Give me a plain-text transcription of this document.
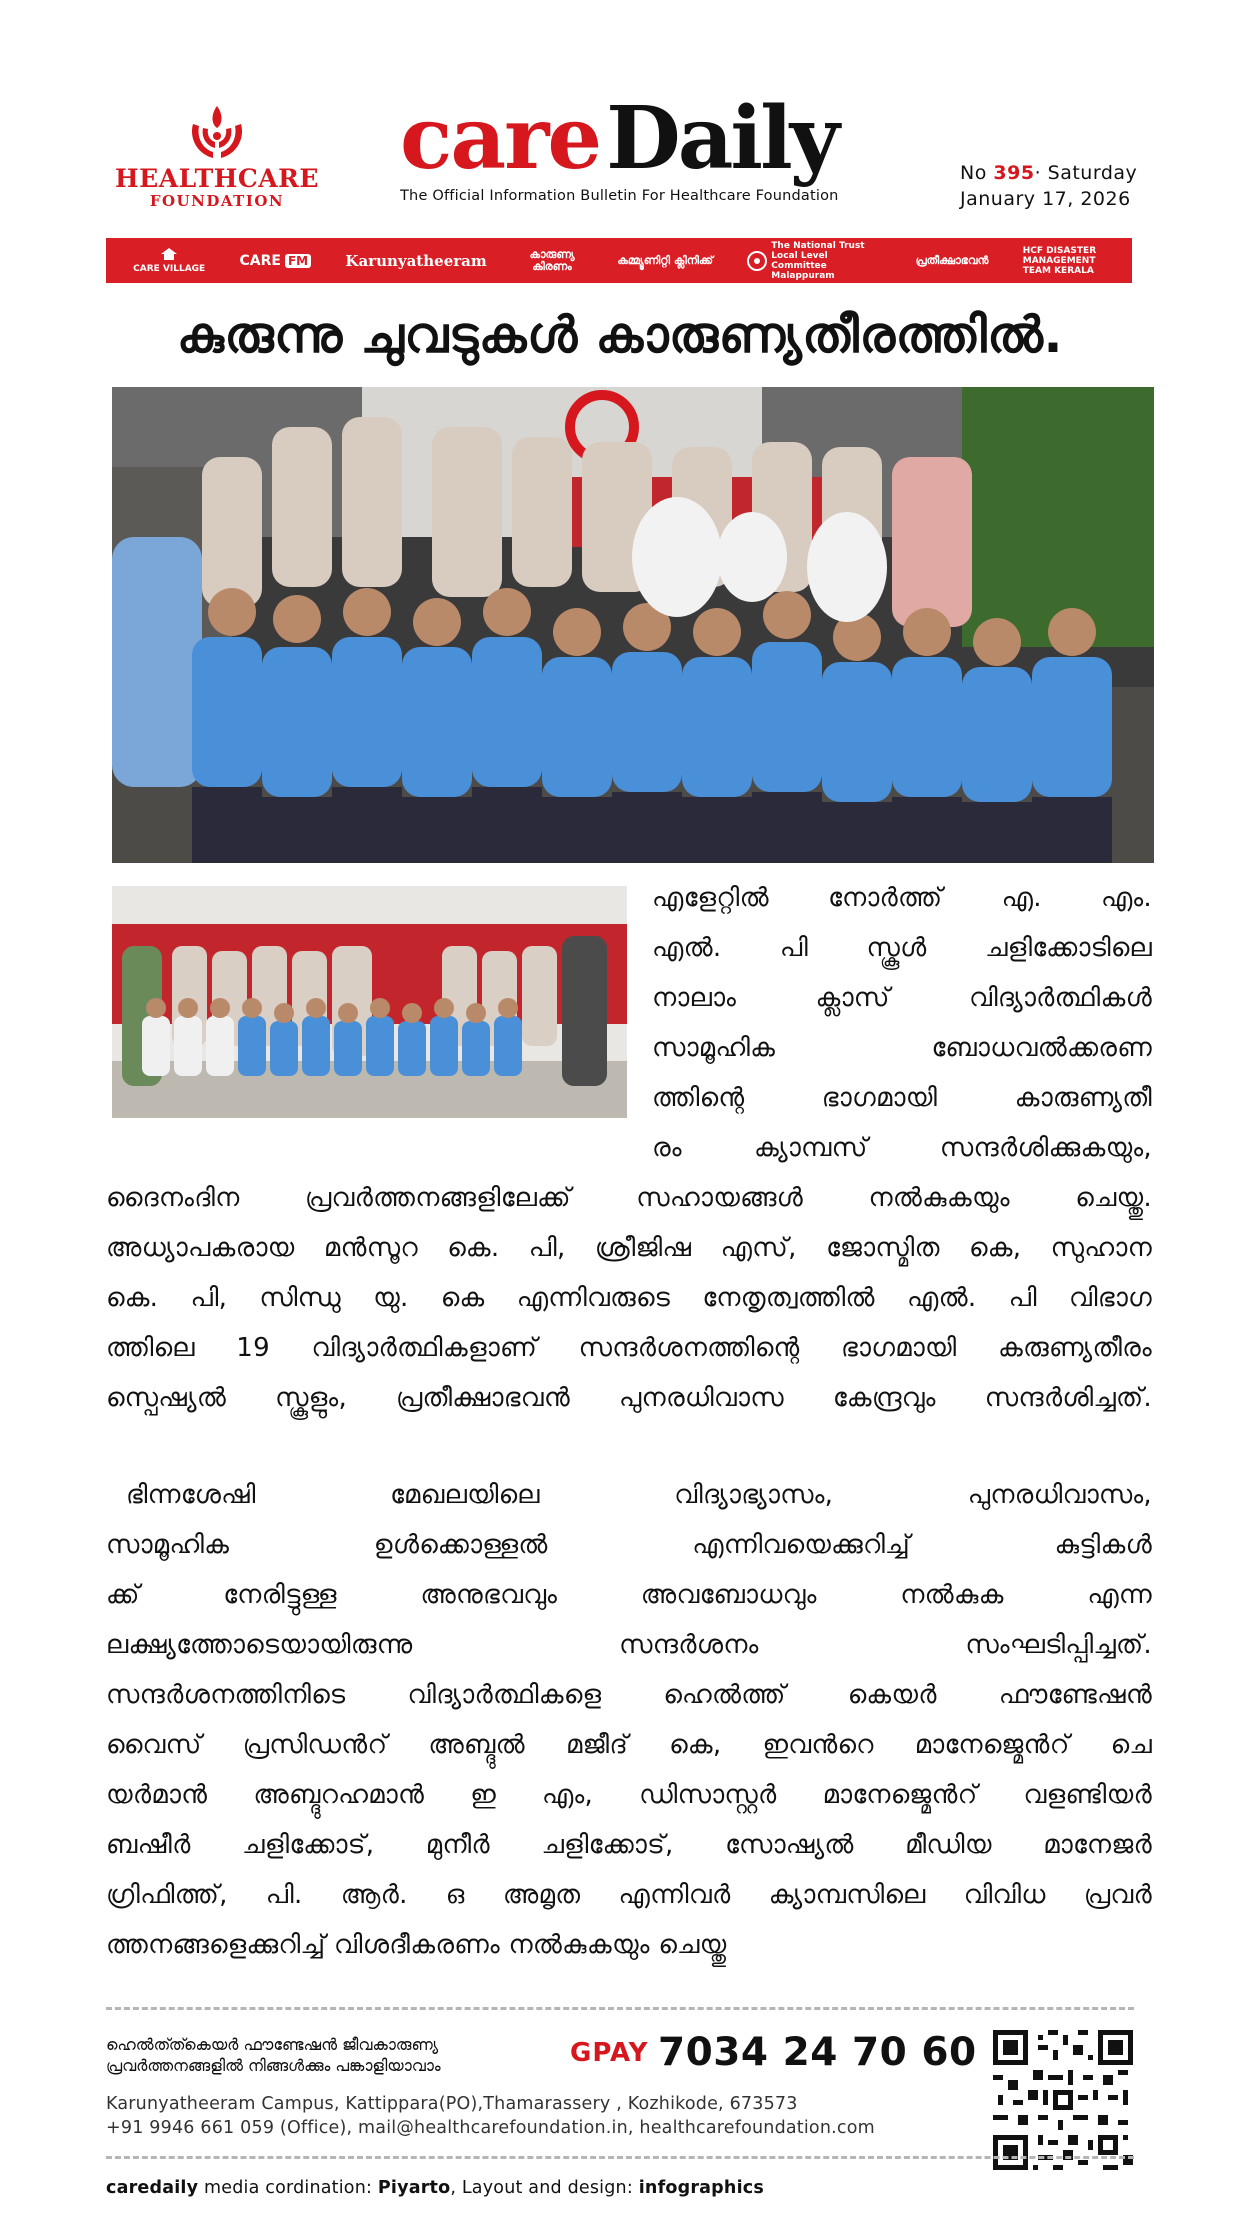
HEALTHCARE
FOUNDATION
careDaily
The Official Information Bulletin For Healthcare Foundation
No 395· Saturday
January 17, 2026
CARE VILLAGE CARE FM Karunyatheeram	കാരുണ്യ കിരണം	കമ്മ്യൂണിറ്റി ക്ലിനിക്ക്
The National Trust Local Level Committee Malappuram
പ്രതീക്ഷാഭവൻ
HCF DISASTER MANAGEMENT TEAM KERALA
കുരുന്നു ചുവടുകൾ കാരുണ്യതീരത്തിൽ.
എളേറ്റിൽ നോർത്ത് എ. എം.
എൽ. പി സ്കൂൾ ചളിക്കോടിലെ
നാലാം ക്ലാസ് വിദ്യാർത്ഥികൾ
സാമൂഹിക ബോധവൽക്കരണ
ത്തിന്റെ ഭാഗമായി കാരുണ്യതീ
രം ക്യാമ്പസ് സന്ദർശിക്കുകയും,
ദൈനംദിന പ്രവർത്തനങ്ങളിലേക്ക് സഹായങ്ങൾ നൽകുകയും ചെയ്തു.
അധ്യാപകരായ മൻസൂറ കെ. പി, ശ്രീജിഷ എസ്, ജോസ്മിത കെ, സുഹാന
കെ. പി, സിന്ധു യു. കെ എന്നിവരുടെ നേതൃത്വത്തിൽ എൽ. പി വിഭാഗ
ത്തിലെ 19 വിദ്യാർത്ഥികളാണ് സന്ദർശനത്തിന്റെ ഭാഗമായി കരുണ്യതീരം
സ്പെഷ്യൽ സ്കൂളും, പ്രതീക്ഷാഭവൻ പുനരധിവാസ കേന്ദ്രവും സന്ദർശിച്ചത്.
ഭിന്നശേഷി മേഖലയിലെ വിദ്യാഭ്യാസം, പുനരധിവാസം,
സാമൂഹിക ഉൾക്കൊള്ളൽ എന്നിവയെക്കുറിച്ച് കുട്ടികൾ
ക്ക് നേരിട്ടുള്ള അനുഭവവും അവബോധവും നൽകുക എന്ന
ലക്ഷ്യത്തോടെയായിരുന്നു സന്ദർശനം സംഘടിപ്പിച്ചത്.
സന്ദർശനത്തിനിടെ വിദ്യാർത്ഥികളെ ഹെൽത്ത് കെയർ ഫൗണ്ടേഷൻ
വൈസ് പ്രസിഡൻറ് അബ്ദുൽ മജീദ് കെ, ഇവൻറെ മാനേജ്മെൻറ് ചെ
യർമാൻ അബ്ദുറഹമാൻ ഇ എം, ഡിസാസ്റ്റർ മാനേജ്മെൻറ് വളണ്ടിയർ
ബഷീർ ചളിക്കോട്, മുനീർ ചളിക്കോട്, സോഷ്യൽ മീഡിയ മാനേജർ
ഗ്രിഫിത്ത്, പി. ആർ. ഒ അമൃത എന്നിവർ ക്യാമ്പസിലെ വിവിധ പ്രവർ
ത്തനങ്ങളെക്കുറിച്ച് വിശദീകരണം നൽകുകയും ചെയ്തു
ഹെൽത്ത്കെയർ ഫൗണ്ടേഷൻ ജീവകാരുണ്യ
പ്രവർത്തനങ്ങളിൽ നിങ്ങൾക്കും പങ്കാളിയാവാം	GPAY 7034 24 70 60
Karunyatheeram Campus, Kattippara(PO),Thamarassery , Kozhikode, 673573
+91 9946 661 059 (Office), mail@healthcarefoundation.in, healthcarefoundation.com
caredaily media cordination: Piyarto, Layout and design: infographics
